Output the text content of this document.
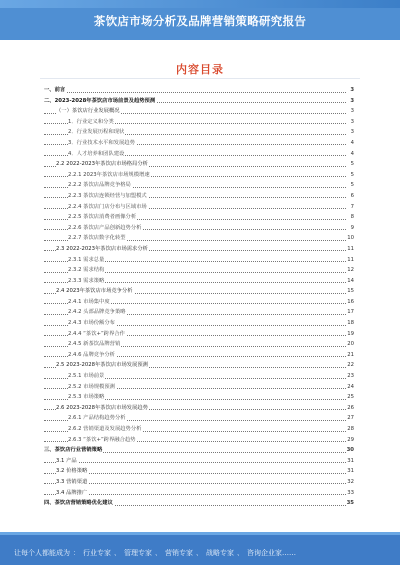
茶饮店市场分析及品牌营销策略研究报告
内容目录
一、前言	3
二、2023-2028年茶饮店市场前景及趋势预测	3
（一）茶饮店行业发展概况	3
1．行业定义和分类	3
2．行业发展历程和现状	3
3．行业技术水平和发展趋势	4
4．人才培养和团队建设	4
2.2 2022-2023年茶饮店市场格局分析	5
2.2.1 2023年茶饮店市场规模增速	5
2.2.2 茶饮店品牌竞争格局	5
2.2.3 茶饮店连锁经营与加盟模式	6
2.2.4 茶饮店门店分布与区域市场	7
2.2.5 茶饮店消费者画像分析	8
2.2.6 茶饮店产品创新趋势分析	9
2.2.7 茶饮店数字化转型	10
2.3 2022-2023年茶饮店市场需求分析	11
2.3.1 需求总量	11
2.3.2 需求结构	12
2.3.3 需求策略	14
2.4 2023年茶饮店市场竞争分析	15
2.4.1 市场集中度	16
2.4.2 头部品牌竞争策略	17
2.4.3 市场份额分布	18
2.4.4 “茶饮+”跨界合作	19
2.4.5 新茶饮品牌营销	20
2.4.6 品牌竞争分析	21
2.5 2023-2028年茶饮店市场发展预测	22
2.5.1 市场前景	23
2.5.2 市场规模预测	24
2.5.3 市场策略	25
2.6 2023-2028年茶饮店市场发展趋势	26
2.6.1 产品结构趋势分析	27
2.6.2 营销渠道及发展趋势分析	28
2.6.3 “茶饮+”跨界融合趋势	29
三、茶饮店行业营销策略	30
3.1 产品	31
3.2 价格策略	31
3.3 营销渠道	32
3.4 品牌推广	33
四、茶饮店营销策略优化建议	35
让每个人都能成为 ： 行业专家 、 管理专家 、 营销专家 、 战略专家 、 咨询企业家……
